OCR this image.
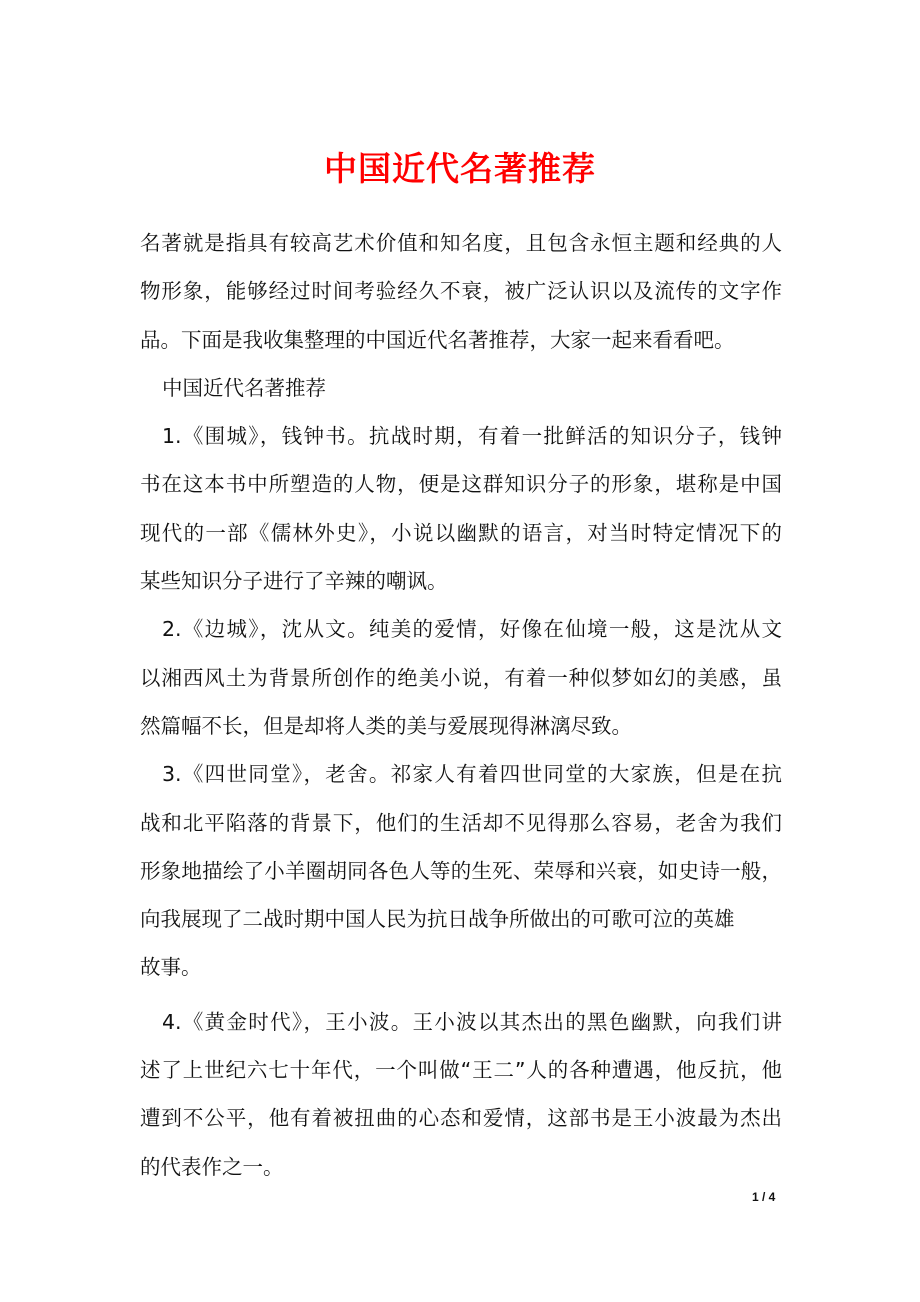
中国近代名著推荐
名著就是指具有较高艺术价值和知名度，且包含永恒主题和经典的人
物形象，能够经过时间考验经久不衰，被广泛认识以及流传的文字作
品。下面是我收集整理的中国近代名著推荐，大家一起来看看吧。
中国近代名著推荐
1.《围城》，钱钟书。抗战时期，有着一批鲜活的知识分子，钱钟
书在这本书中所塑造的人物，便是这群知识分子的形象，堪称是中国
现代的一部《儒林外史》，小说以幽默的语言，对当时特定情况下的
某些知识分子进行了辛辣的嘲讽。
2.《边城》，沈从文。纯美的爱情，好像在仙境一般，这是沈从文
以湘西风土为背景所创作的绝美小说，有着一种似梦如幻的美感，虽
然篇幅不长，但是却将人类的美与爱展现得淋漓尽致。
3.《四世同堂》，老舍。祁家人有着四世同堂的大家族，但是在抗
战和北平陷落的背景下，他们的生活却不见得那么容易，老舍为我们
形象地描绘了小羊圈胡同各色人等的生死、荣辱和兴衰，如史诗一般，
向我展现了二战时期中国人民为抗日战争所做出的可歌可泣的英雄
故事。
4.《黄金时代》，王小波。王小波以其杰出的黑色幽默，向我们讲
述了上世纪六七十年代，一个叫做“王二”人的各种遭遇，他反抗，他
遭到不公平，他有着被扭曲的心态和爱情，这部书是王小波最为杰出
的代表作之一。
1 / 4
